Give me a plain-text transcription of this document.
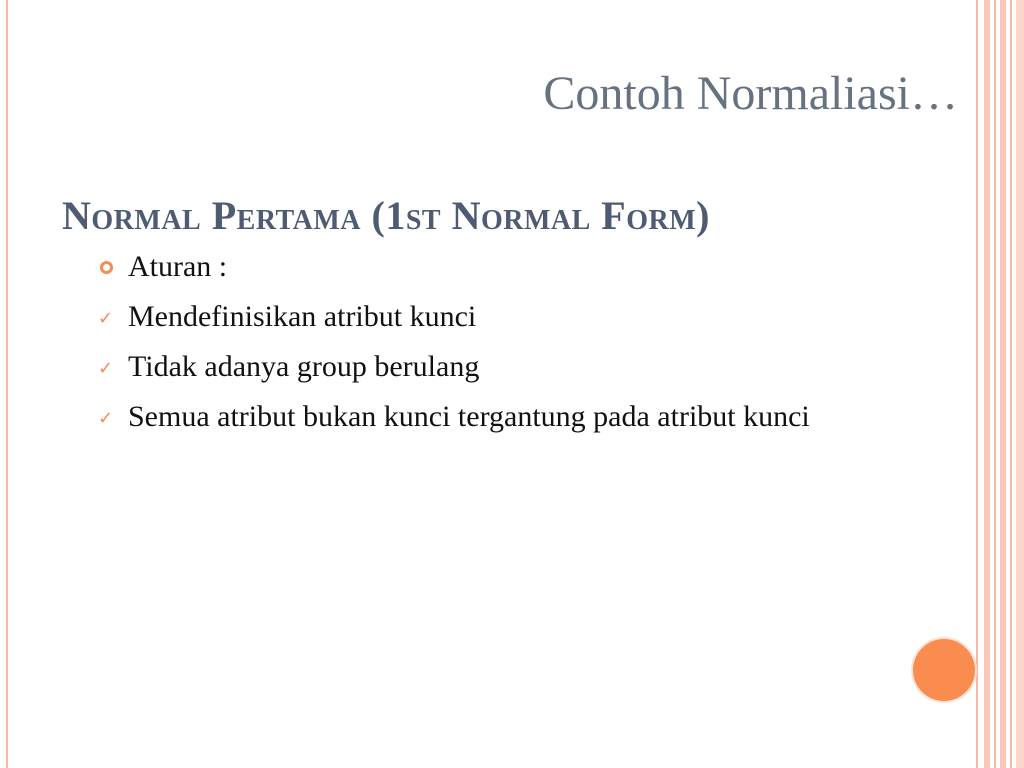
Contoh Normaliasi…
Normal Pertama (1st Normal Form)
Aturan :
✓ Mendefinisikan atribut kunci
✓ Tidak adanya group berulang
✓ Semua atribut bukan kunci tergantung pada atribut kunci
